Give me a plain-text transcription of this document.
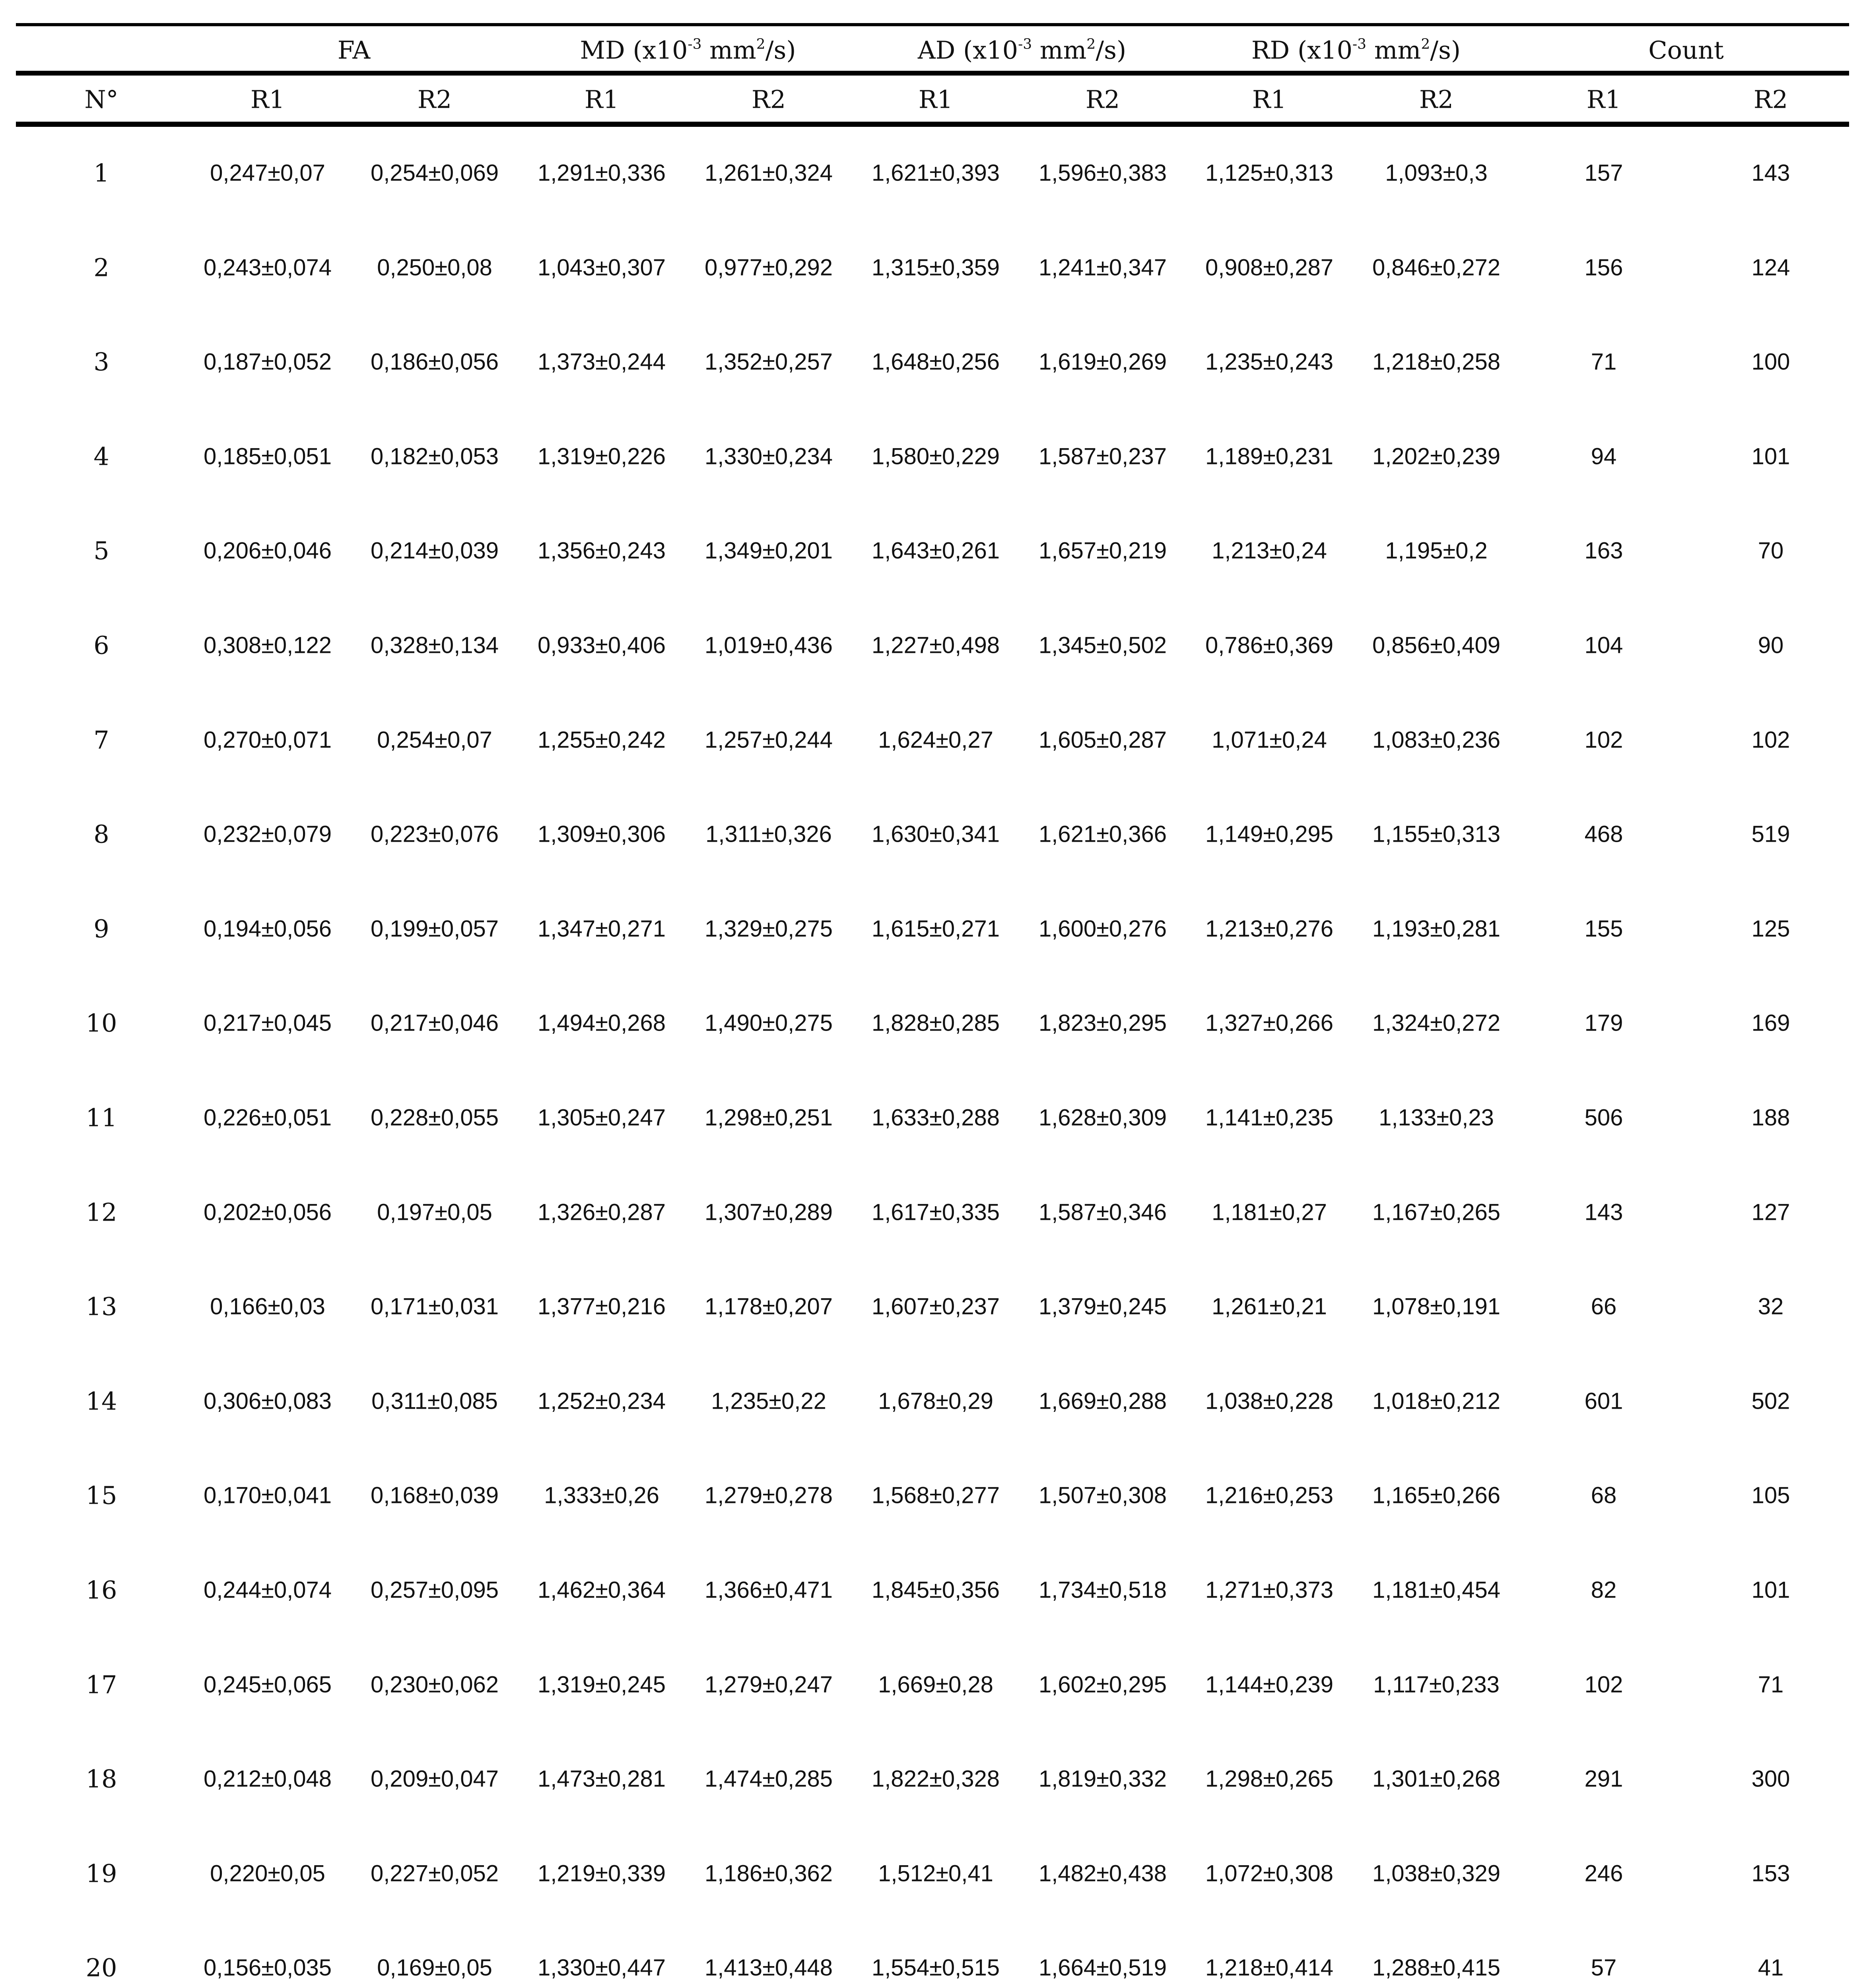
FA	MD ($x10^{-3}$ $mm^2/s$)	AD ($x10^{-3}$ $mm^2/s$)	RD ($x10^{-3}$ $mm^2/s$)	Count
N°	R1	R2	R1	R2	R1	R2	R1	R2	R1	R2
1	0,247±0,07 0,254±0,069 1,291±0,336 1,261±0,324 1,621±0,393 1,596±0,383 1,125±0,313 1,093±0,3	157	143
2	0,243±0,074 0,250±0,08 1,043±0,307 0,977±0,292 1,315±0,359 1,241±0,347 0,908±0,287 0,846±0,272	156	124
3	0,187±0,052 0,186±0,056 1,373±0,244 1,352±0,257 1,648±0,256 1,619±0,269 1,235±0,243 1,218±0,258	71	100
4	0,185±0,051 0,182±0,053 1,319±0,226 1,330±0,234 1,580±0,229 1,587±0,237 1,189±0,231 1,202±0,239	94	101
5	0,206±0,046 0,214±0,039 1,356±0,243 1,349±0,201 1,643±0,261 1,657±0,219 1,213±0,24	1,195±0,2	163	70
6	0,308±0,122 0,328±0,134 0,933±0,406 1,019±0,436 1,227±0,498 1,345±0,502 0,786±0,369 0,856±0,409	104	90
7	0,270±0,071 0,254±0,07 1,255±0,242 1,257±0,244 1,624±0,27 1,605±0,287 1,071±0,24 1,083±0,236	102	102
8	0,232±0,079 0,223±0,076 1,309±0,306 1,311±0,326 1,630±0,341 1,621±0,366 1,149±0,295 1,155±0,313	468	519
9	0,194±0,056 0,199±0,057 1,347±0,271 1,329±0,275 1,615±0,271 1,600±0,276 1,213±0,276 1,193±0,281	155	125
10	0,217±0,045 0,217±0,046 1,494±0,268 1,490±0,275 1,828±0,285 1,823±0,295 1,327±0,266 1,324±0,272	179	169
11	0,226±0,051 0,228±0,055 1,305±0,247 1,298±0,251 1,633±0,288 1,628±0,309 1,141±0,235 1,133±0,23	506	188
12	0,202±0,056 0,197±0,05 1,326±0,287 1,307±0,289 1,617±0,335 1,587±0,346 1,181±0,27 1,167±0,265	143	127
13	0,166±0,03 0,171±0,031 1,377±0,216 1,178±0,207 1,607±0,237 1,379±0,245 1,261±0,21 1,078±0,191	66	32
14	0,306±0,083 0,311±0,085 1,252±0,234 1,235±0,22 1,678±0,29 1,669±0,288 1,038±0,228 1,018±0,212	601	502
15	0,170±0,041 0,168±0,039 1,333±0,26 1,279±0,278 1,568±0,277 1,507±0,308 1,216±0,253 1,165±0,266	68	105
16	0,244±0,074 0,257±0,095 1,462±0,364 1,366±0,471 1,845±0,356 1,734±0,518 1,271±0,373 1,181±0,454	82	101
17	0,245±0,065 0,230±0,062 1,319±0,245 1,279±0,247 1,669±0,28 1,602±0,295 1,144±0,239 1,117±0,233	102	71
18	0,212±0,048 0,209±0,047 1,473±0,281 1,474±0,285 1,822±0,328 1,819±0,332 1,298±0,265 1,301±0,268	291	300
19	0,220±0,05 0,227±0,052 1,219±0,339 1,186±0,362 1,512±0,41 1,482±0,438 1,072±0,308 1,038±0,329	246	153
20	0,156±0,035 0,169±0,05 1,330±0,447 1,413±0,448 1,554±0,515 1,664±0,519 1,218±0,414 1,288±0,415	57	41
